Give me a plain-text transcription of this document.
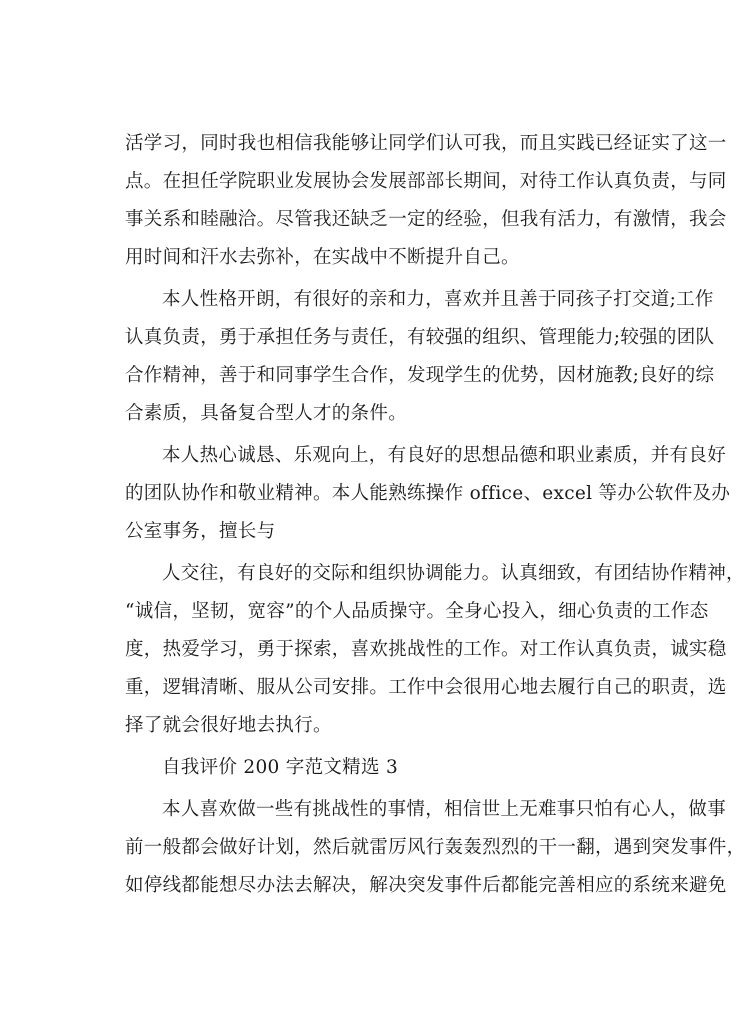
活学习，同时我也相信我能够让同学们认可我，而且实践已经证实了这一
点。在担任学院职业发展协会发展部部长期间，对待工作认真负责，与同
事关系和睦融洽。尽管我还缺乏一定的经验，但我有活力，有激情，我会
用时间和汗水去弥补，在实战中不断提升自己。
本人性格开朗，有很好的亲和力，喜欢并且善于同孩子打交道;工作
认真负责，勇于承担任务与责任，有较强的组织、管理能力;较强的团队
合作精神，善于和同事学生合作，发现学生的优势，因材施教;良好的综
合素质，具备复合型人才的条件。
本人热心诚恳、乐观向上，有良好的思想品德和职业素质，并有良好
的团队协作和敬业精神。本人能熟练操作 office、excel 等办公软件及办
公室事务，擅长与
人交往，有良好的交际和组织协调能力。认真细致，有团结协作精神，
“诚信，坚韧，宽容”的个人品质操守。全身心投入，细心负责的工作态
度，热爱学习，勇于探索，喜欢挑战性的工作。对工作认真负责，诚实稳
重，逻辑清晰、服从公司安排。工作中会很用心地去履行自己的职责，选
择了就会很好地去执行。
自我评价 200 字范文精选 3
本人喜欢做一些有挑战性的事情，相信世上无难事只怕有心人，做事
前一般都会做好计划，然后就雷厉风行轰轰烈烈的干一翻，遇到突发事件，
如停线都能想尽办法去解决，解决突发事件后都能完善相应的系统来避免
